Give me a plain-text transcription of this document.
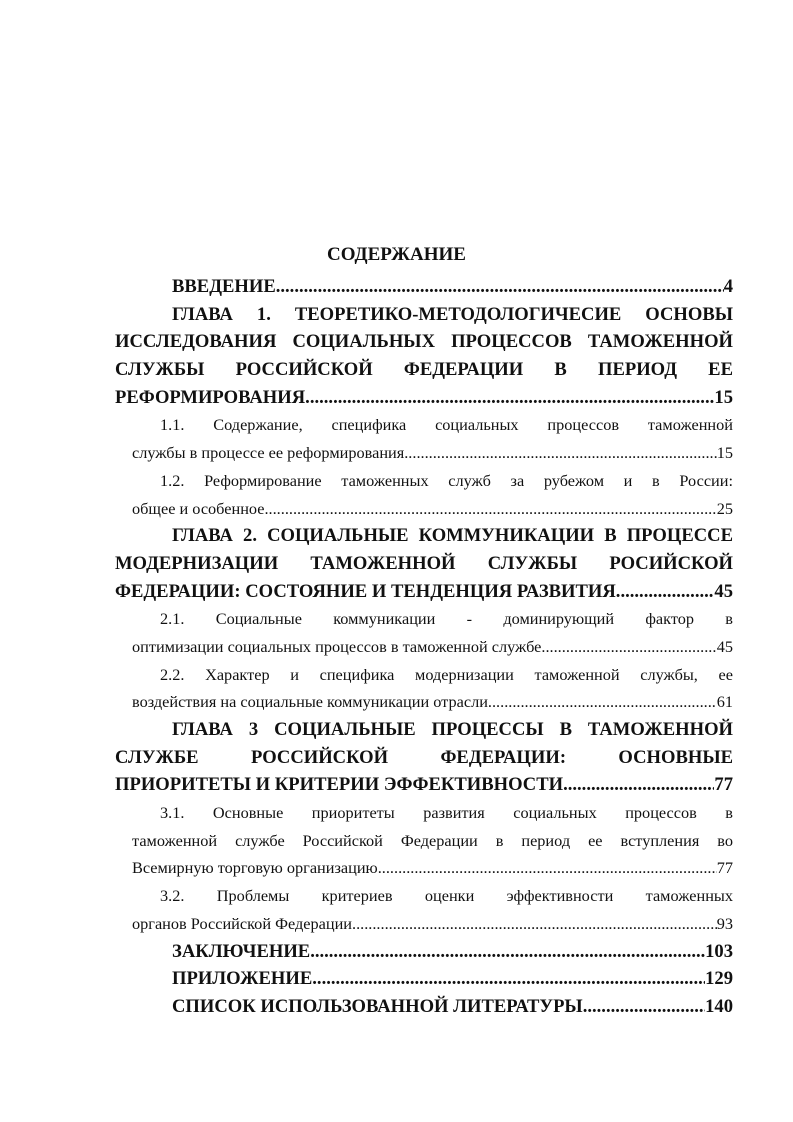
СОДЕРЖАНИЕ
ВВЕДЕНИЕ .....	4
ГЛАВА 1. ТЕОРЕТИКО-МЕТОДОЛОГИЧЕСИЕ ОСНОВЫ
ИССЛЕДОВАНИЯ СОЦИАЛЬНЫХ ПРОЦЕССОВ ТАМОЖЕННОЙ
СЛУЖБЫ РОССИЙСКОЙ ФЕДЕРАЦИИ В ПЕРИОД ЕЕ
РЕФОРМИРОВАНИЯ .....	15
1.1. Содержание, специфика социальных процессов таможенной
службы в процессе ее реформирования .....	15
1.2. Реформирование таможенных служб за рубежом и в России:
общее и особенное .....	25
ГЛАВА 2. СОЦИАЛЬНЫЕ КОММУНИКАЦИИ В ПРОЦЕССЕ
МОДЕРНИЗАЦИИ ТАМОЖЕННОЙ СЛУЖБЫ РОСИЙСКОЙ
ФЕДЕРАЦИИ: СОСТОЯНИЕ И ТЕНДЕНЦИЯ РАЗВИТИЯ .....	45
2.1. Социальные коммуникации - доминирующий фактор в
оптимизации социальных процессов в таможенной службе .....	45
2.2. Характер и специфика модернизации таможенной службы, ее
воздействия на социальные коммуникации отрасли .....	61
ГЛАВА 3 СОЦИАЛЬНЫЕ ПРОЦЕССЫ В ТАМОЖЕННОЙ
СЛУЖБЕ РОССИЙСКОЙ ФЕДЕРАЦИИ: ОСНОВНЫЕ
ПРИОРИТЕТЫ И КРИТЕРИИ ЭФФЕКТИВНОСТИ .....	77
3.1. Основные приоритеты развития социальных процессов в
таможенной службе Российской Федерации в период ее вступления во
Всемирную торговую организацию .....	77
3.2. Проблемы критериев оценки эффективности таможенных
органов Российской Федерации .....	93
ЗАКЛЮЧЕНИЕ .....	103
ПРИЛОЖЕНИЕ .....	129
СПИСОК ИСПОЛЬЗОВАННОЙ ЛИТЕРАТУРЫ .....	140
